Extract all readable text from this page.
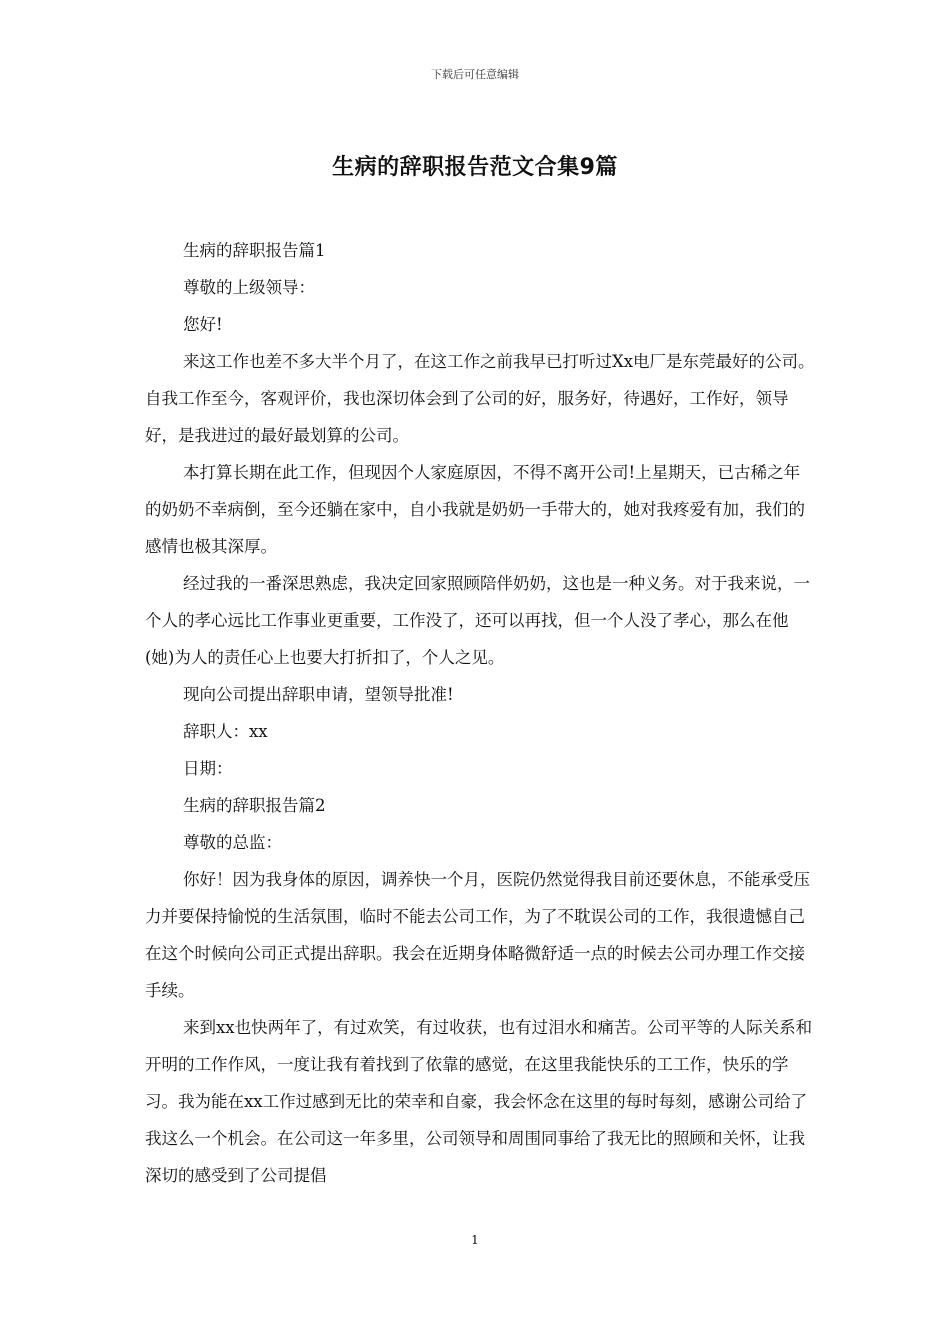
下载后可任意编辑
生病的辞职报告范文合集9篇

生病的辞职报告篇1

尊敬的上级领导：

您好!

来这工作也差不多大半个月了，在这工作之前我早已打听过Xx电厂是东莞最好的公司。自我工作至今，客观评价，我也深切体会到了公司的好，服务好，待遇好，工作好，领导好，是我进过的最好最划算的公司。

本打算长期在此工作，但现因个人家庭原因，不得不离开公司!上星期天，已古稀之年的奶奶不幸病倒，至今还躺在家中，自小我就是奶奶一手带大的，她对我疼爱有加，我们的感情也极其深厚。

经过我的一番深思熟虑，我决定回家照顾陪伴奶奶，这也是一种义务。对于我来说，一个人的孝心远比工作事业更重要，工作没了，还可以再找，但一个人没了孝心，那么在他(她)为人的责任心上也要大打折扣了，个人之见。

现向公司提出辞职申请，望领导批准!

辞职人：xx

日期：

生病的辞职报告篇2

尊敬的总监：

你好！因为我身体的原因，调养快一个月，医院仍然觉得我目前还要休息，不能承受压力并要保持愉悦的生活氛围，临时不能去公司工作，为了不耽误公司的工作，我很遗憾自己在这个时候向公司正式提出辞职。我会在近期身体略微舒适一点的时候去公司办理工作交接手续。

来到xx也快两年了，有过欢笑，有过收获，也有过泪水和痛苦。公司平等的人际关系和开明的工作作风，一度让我有着找到了依靠的感觉，在这里我能快乐的工工作，快乐的学习。我为能在xx工作过感到无比的荣幸和自豪，我会怀念在这里的每时每刻，感谢公司给了我这么一个机会。在公司这一年多里，公司领导和周围同事给了我无比的照顾和关怀，让我深切的感受到了公司提倡

1
